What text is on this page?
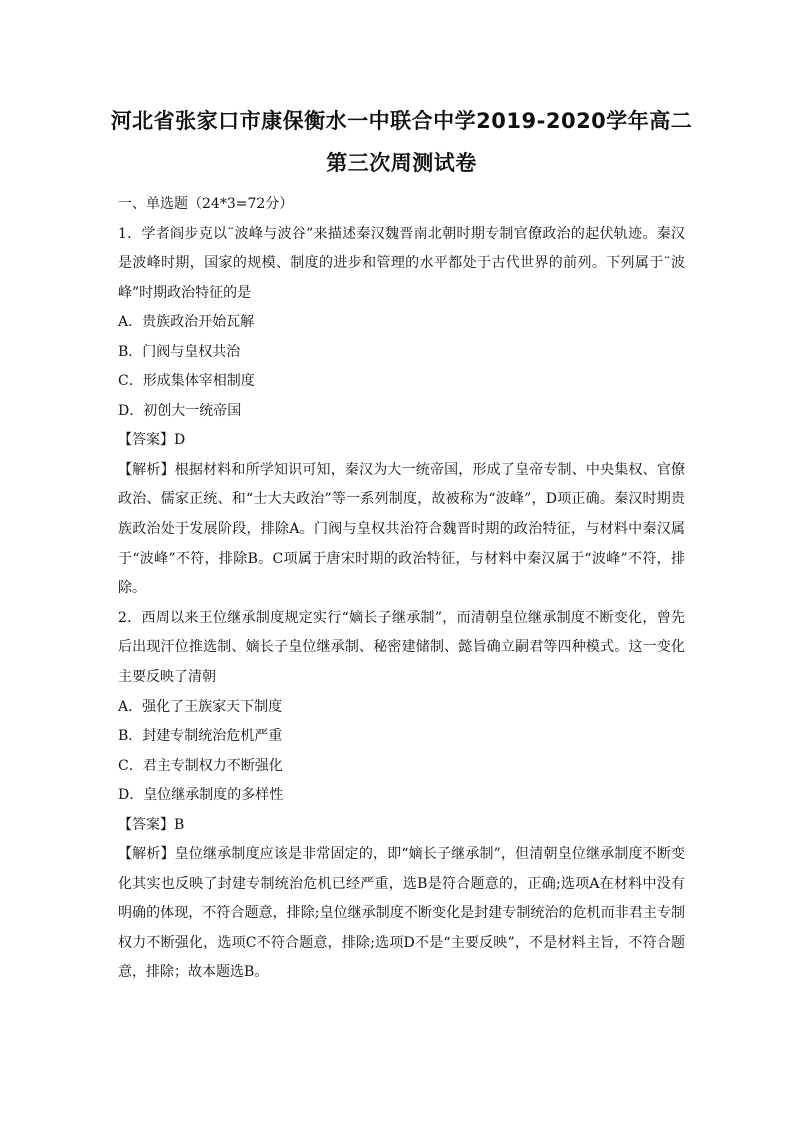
河北省张家口市康保衡水一中联合中学2019-2020学年高二
第三次周测试卷

一、单选题（24*3=72分）

1．学者阎步克以¨波峰与波谷”来描述秦汉魏晋南北朝时期专制官僚政治的起伏轨迹。秦汉是波峰时期，国家的规模、制度的进步和管理的水平都处于古代世界的前列。下列属于¨波峰”时期政治特征的是

A．贵族政治开始瓦解

B．门阀与皇权共治

C．形成集体宰相制度

D．初创大一统帝国

【答案】D

【解析】根据材料和所学知识可知，秦汉为大一统帝国，形成了皇帝专制、中央集权、官僚政治、儒家正统、和“士大夫政治”等一系列制度，故被称为“波峰”，D项正确。秦汉时期贵族政治处于发展阶段，排除A。门阀与皇权共治符合魏晋时期的政治特征，与材料中秦汉属于“波峰”不符，排除B。C项属于唐宋时期的政治特征，与材料中秦汉属于“波峰”不符，排除。

2．西周以来王位继承制度规定实行“嫡长子继承制”，而清朝皇位继承制度不断变化，曾先后出现汗位推选制、嫡长子皇位继承制、秘密建储制、懿旨确立嗣君等四种模式。这一变化主要反映了清朝

A．强化了王族家天下制度

B．封建专制统治危机严重

C．君主专制权力不断强化

D．皇位继承制度的多样性

【答案】B

【解析】皇位继承制度应该是非常固定的，即“嫡长子继承制”，但清朝皇位继承制度不断变化其实也反映了封建专制统治危机已经严重，选B是符合题意的，正确;选项A在材料中没有明确的体现，不符合题意，排除;皇位继承制度不断变化是封建专制统治的危机而非君主专制权力不断强化，选项C不符合题意，排除;选项D不是“主要反映”，不是材料主旨，不符合题意，排除；故本题选B。
